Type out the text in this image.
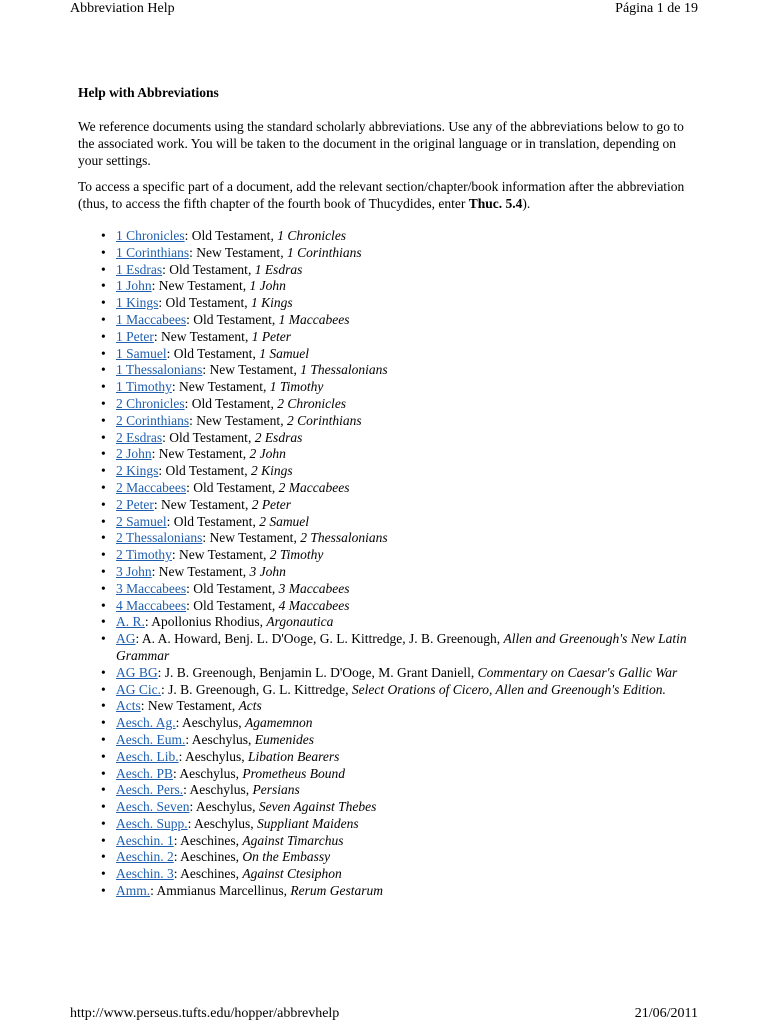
Abbreviation Help	Página 1 de 19
Help with Abbreviations

We reference documents using the standard scholarly abbreviations. Use any of the abbreviations below to go to the associated work. You will be taken to the document in the original language or in translation, depending on your settings.

To access a specific part of a document, add the relevant section/chapter/book information after the abbreviation (thus, to access the fifth chapter of the fourth book of Thucydides, enter Thuc. 5.4).

• 1 Chronicles: Old Testament, 1 Chronicles
• 1 Corinthians: New Testament, 1 Corinthians
• 1 Esdras: Old Testament, 1 Esdras
• 1 John: New Testament, 1 John
• 1 Kings: Old Testament, 1 Kings
• 1 Maccabees: Old Testament, 1 Maccabees
• 1 Peter: New Testament, 1 Peter
• 1 Samuel: Old Testament, 1 Samuel
• 1 Thessalonians: New Testament, 1 Thessalonians
• 1 Timothy: New Testament, 1 Timothy
• 2 Chronicles: Old Testament, 2 Chronicles
• 2 Corinthians: New Testament, 2 Corinthians
• 2 Esdras: Old Testament, 2 Esdras
• 2 John: New Testament, 2 John
• 2 Kings: Old Testament, 2 Kings
• 2 Maccabees: Old Testament, 2 Maccabees
• 2 Peter: New Testament, 2 Peter
• 2 Samuel: Old Testament, 2 Samuel
• 2 Thessalonians: New Testament, 2 Thessalonians
• 2 Timothy: New Testament, 2 Timothy
• 3 John: New Testament, 3 John
• 3 Maccabees: Old Testament, 3 Maccabees
• 4 Maccabees: Old Testament, 4 Maccabees
• A. R.: Apollonius Rhodius, Argonautica
• AG: A. A. Howard, Benj. L. D'Ooge, G. L. Kittredge, J. B. Greenough, Allen and Greenough's New Latin Grammar
• AG BG: J. B. Greenough, Benjamin L. D'Ooge, M. Grant Daniell, Commentary on Caesar's Gallic War
• AG Cic.: J. B. Greenough, G. L. Kittredge, Select Orations of Cicero, Allen and Greenough's Edition.
• Acts: New Testament, Acts
• Aesch. Ag.: Aeschylus, Agamemnon
• Aesch. Eum.: Aeschylus, Eumenides
• Aesch. Lib.: Aeschylus, Libation Bearers
• Aesch. PB: Aeschylus, Prometheus Bound
• Aesch. Pers.: Aeschylus, Persians
• Aesch. Seven: Aeschylus, Seven Against Thebes
• Aesch. Supp.: Aeschylus, Suppliant Maidens
• Aeschin. 1: Aeschines, Against Timarchus
• Aeschin. 2: Aeschines, On the Embassy
• Aeschin. 3: Aeschines, Against Ctesiphon
• Amm.: Ammianus Marcellinus, Rerum Gestarum
http://www.perseus.tufts.edu/hopper/abbrevhelp	21/06/2011
